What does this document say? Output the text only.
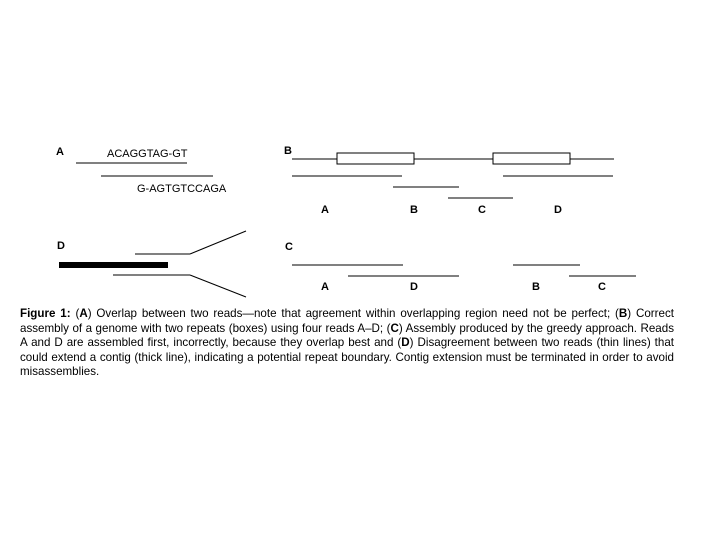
A	ACAGGTAG-GT
G-AGTGTCCAGA
B
A	B	C	D
D	C
A	D	B	C
Figure 1: (A) Overlap between two reads—note that agreement within overlapping region need not be perfect; (B) Correct assembly of a genome with two repeats (boxes) using four reads A–D; (C) Assembly produced by the greedy approach. Reads A and D are assembled first, incorrectly, because they overlap best and (D) Disagreement between two reads (thin lines) that could extend a contig (thick line), indicating a potential repeat boundary. Contig extension must be terminated in order to avoid misassemblies.
